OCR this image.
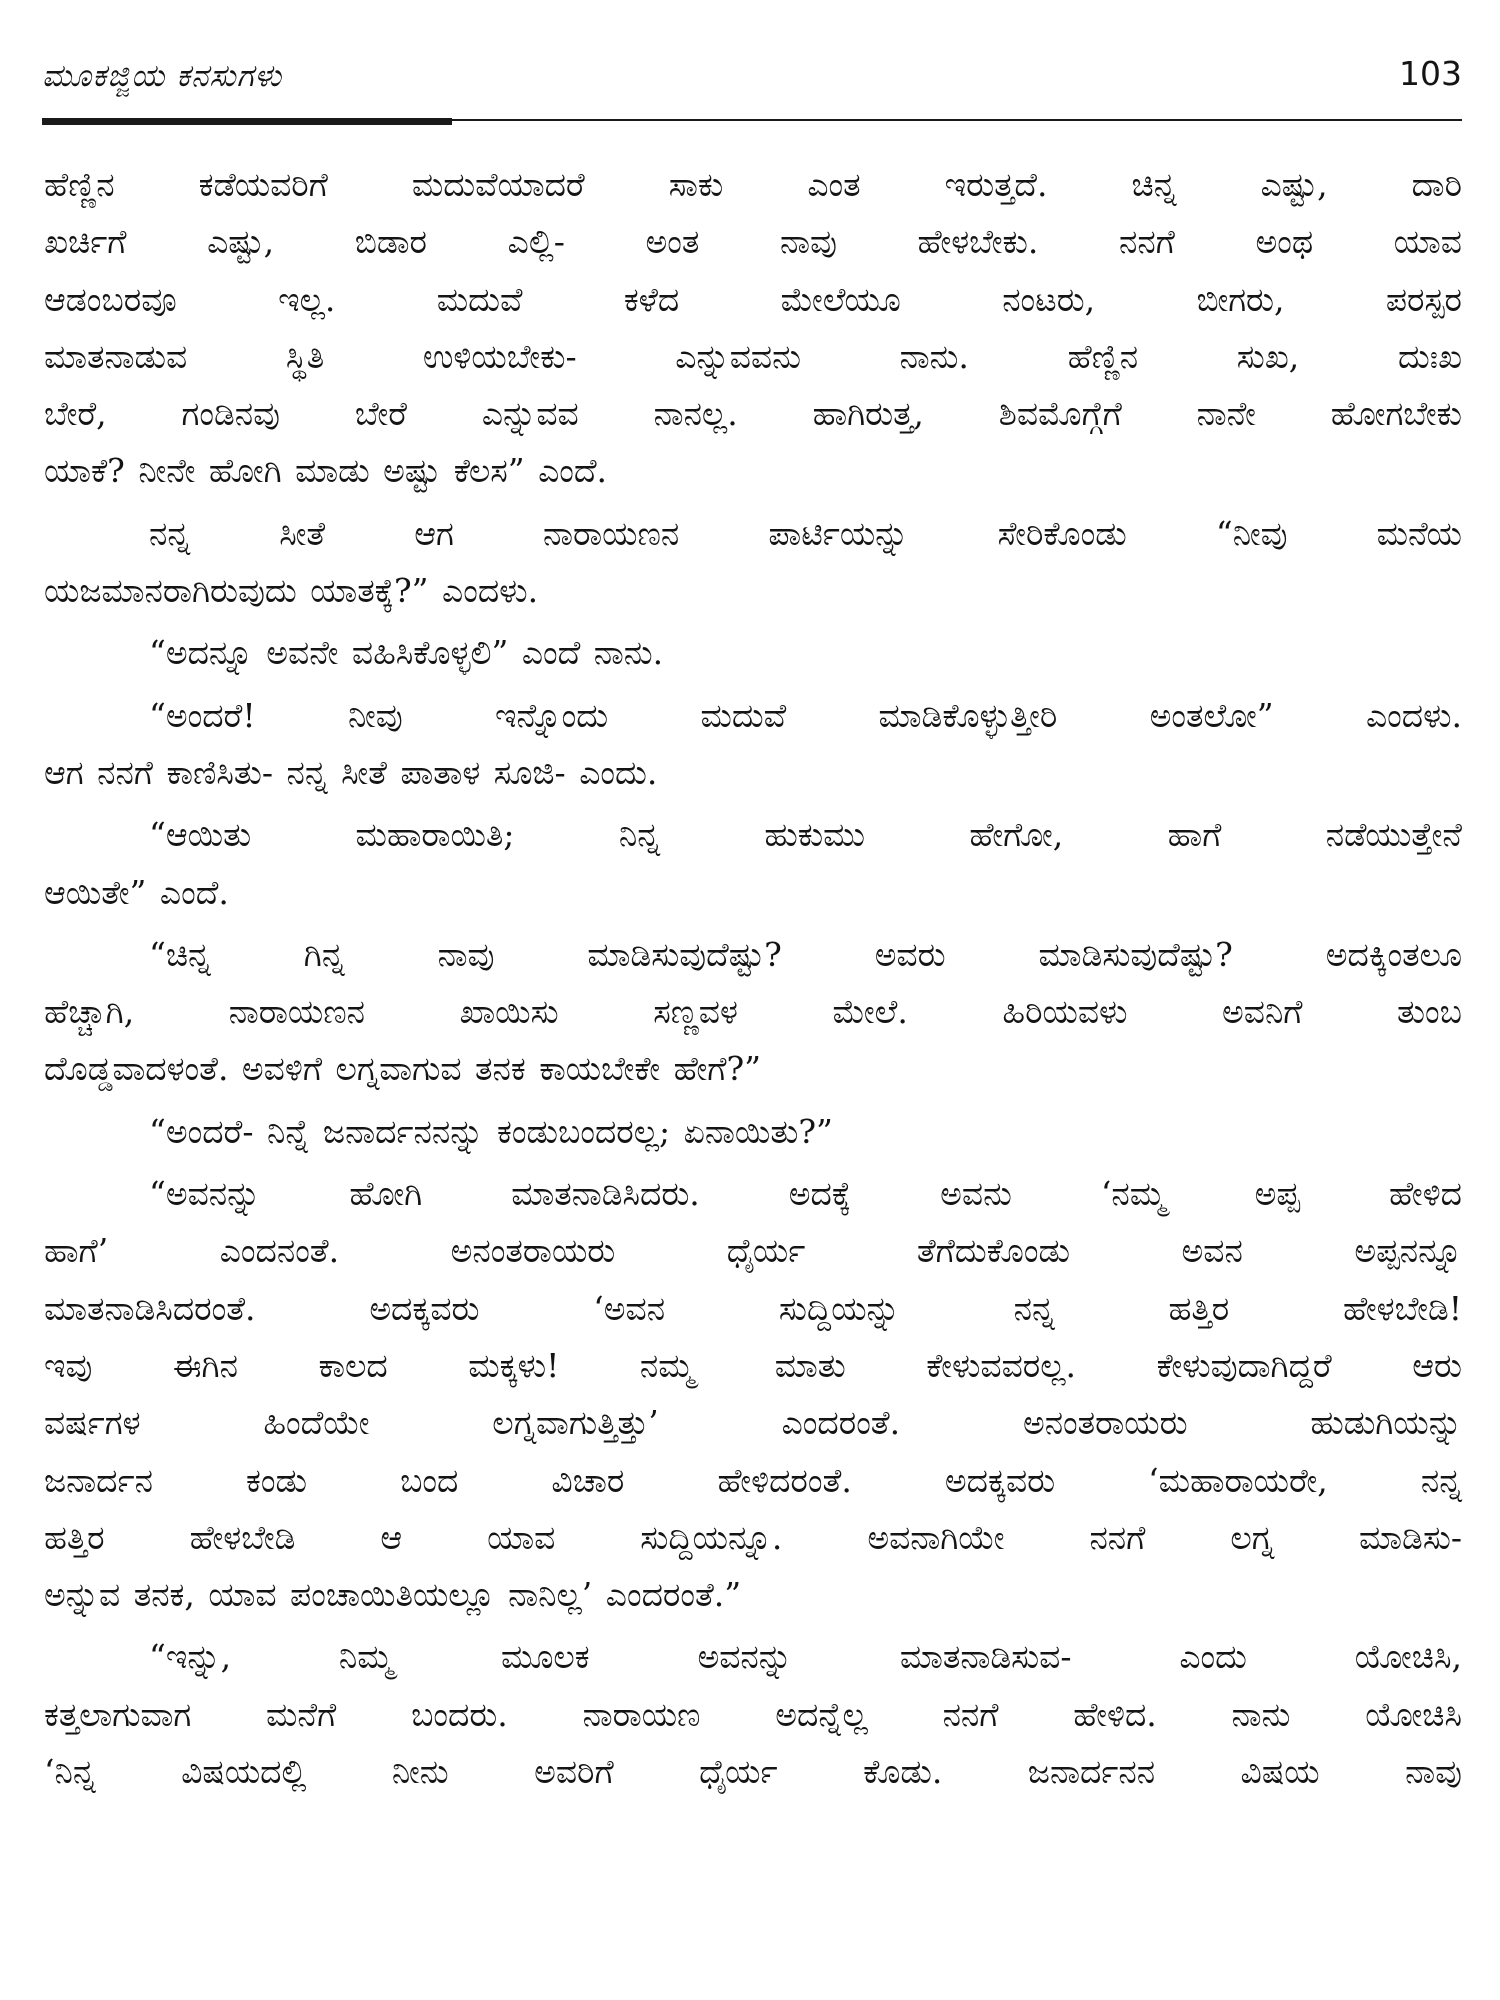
ಮೂಕಜ್ಜಿಯ ಕನಸುಗಳು	103
ಹೆಣ್ಣಿನ ಕಡೆಯವರಿಗೆ ಮದುವೆಯಾದರೆ ಸಾಕು ಎಂತ ಇರುತ್ತದೆ. ಚಿನ್ನ ಎಷ್ಟು, ದಾರಿ
ಖರ್ಚಿಗೆ ಎಷ್ಟು, ಬಿಡಾರ ಎಲ್ಲಿ- ಅಂತ ನಾವು ಹೇಳಬೇಕು. ನನಗೆ ಅಂಥ ಯಾವ
ಆಡಂಬರವೂ ಇಲ್ಲ. ಮದುವೆ ಕಳೆದ ಮೇಲೆಯೂ ನಂಟರು, ಬೀಗರು, ಪರಸ್ಪರ
ಮಾತನಾಡುವ ಸ್ಥಿತಿ ಉಳಿಯಬೇಕು- ಎನ್ನುವವನು ನಾನು. ಹೆಣ್ಣಿನ ಸುಖ, ದುಃಖ
ಬೇರೆ, ಗಂಡಿನವು ಬೇರೆ ಎನ್ನುವವ ನಾನಲ್ಲ. ಹಾಗಿರುತ್ತ, ಶಿವಮೊಗ್ಗೆಗೆ ನಾನೇ ಹೋಗಬೇಕು
ಯಾಕೆ? ನೀನೇ ಹೋಗಿ ಮಾಡು ಅಷ್ಟು ಕೆಲಸ” ಎಂದೆ.
ನನ್ನ ಸೀತೆ ಆಗ ನಾರಾಯಣನ ಪಾರ್ಟಿಯನ್ನು ಸೇರಿಕೊಂಡು “ನೀವು ಮನೆಯ
ಯಜಮಾನರಾಗಿರುವುದು ಯಾತಕ್ಕೆ?” ಎಂದಳು.
“ಅದನ್ನೂ ಅವನೇ ವಹಿಸಿಕೊಳ್ಳಲಿ” ಎಂದೆ ನಾನು.
“ಅಂದರೆ! ನೀವು ಇನ್ನೊಂದು ಮದುವೆ ಮಾಡಿಕೊಳ್ಳುತ್ತೀರಿ ಅಂತಲೋ” ಎಂದಳು.
ಆಗ ನನಗೆ ಕಾಣಿಸಿತು- ನನ್ನ ಸೀತೆ ಪಾತಾಳ ಸೂಜಿ- ಎಂದು.
“ಆಯಿತು ಮಹಾರಾಯಿತಿ; ನಿನ್ನ ಹುಕುಮು ಹೇಗೋ, ಹಾಗೆ ನಡೆಯುತ್ತೇನೆ
ಆಯಿತೇ” ಎಂದೆ.
“ಚಿನ್ನ ಗಿನ್ನ ನಾವು ಮಾಡಿಸುವುದೆಷ್ಟು? ಅವರು ಮಾಡಿಸುವುದೆಷ್ಟು? ಅದಕ್ಕಿಂತಲೂ
ಹೆಚ್ಚಾಗಿ, ನಾರಾಯಣನ ಖಾಯಿಸು ಸಣ್ಣವಳ ಮೇಲೆ. ಹಿರಿಯವಳು ಅವನಿಗೆ ತುಂಬ
ದೊಡ್ಡವಾದಳಂತೆ. ಅವಳಿಗೆ ಲಗ್ನವಾಗುವ ತನಕ ಕಾಯಬೇಕೇ ಹೇಗೆ?”
“ಅಂದರೆ- ನಿನ್ನೆ ಜನಾರ್ದನನನ್ನು ಕಂಡುಬಂದರಲ್ಲ; ಏನಾಯಿತು?”
“ಅವನನ್ನು ಹೋಗಿ ಮಾತನಾಡಿಸಿದರು. ಅದಕ್ಕೆ ಅವನು ‘ನಮ್ಮ ಅಪ್ಪ ಹೇಳಿದ
ಹಾಗೆ’ ಎಂದನಂತೆ. ಅನಂತರಾಯರು ಧೈರ್ಯ ತೆಗೆದುಕೊಂಡು ಅವನ ಅಪ್ಪನನ್ನೂ
ಮಾತನಾಡಿಸಿದರಂತೆ. ಅದಕ್ಕವರು ‘ಅವನ ಸುದ್ದಿಯನ್ನು ನನ್ನ ಹತ್ತಿರ ಹೇಳಬೇಡಿ!
ಇವು ಈಗಿನ ಕಾಲದ ಮಕ್ಕಳು! ನಮ್ಮ ಮಾತು ಕೇಳುವವರಲ್ಲ. ಕೇಳುವುದಾಗಿದ್ದರೆ ಆರು
ವರ್ಷಗಳ ಹಿಂದೆಯೇ ಲಗ್ನವಾಗುತ್ತಿತ್ತು’ ಎಂದರಂತೆ. ಅನಂತರಾಯರು ಹುಡುಗಿಯನ್ನು
ಜನಾರ್ದನ ಕಂಡು ಬಂದ ವಿಚಾರ ಹೇಳಿದರಂತೆ. ಅದಕ್ಕವರು ‘ಮಹಾರಾಯರೇ, ನನ್ನ
ಹತ್ತಿರ ಹೇಳಬೇಡಿ ಆ ಯಾವ ಸುದ್ದಿಯನ್ನೂ. ಅವನಾಗಿಯೇ ನನಗೆ ಲಗ್ನ ಮಾಡಿಸು-
ಅನ್ನುವ ತನಕ, ಯಾವ ಪಂಚಾಯಿತಿಯಲ್ಲೂ ನಾನಿಲ್ಲ’ ಎಂದರಂತೆ.”
“ಇನ್ನು, ನಿಮ್ಮ ಮೂಲಕ ಅವನನ್ನು ಮಾತನಾಡಿಸುವ- ಎಂದು ಯೋಚಿಸಿ,
ಕತ್ತಲಾಗುವಾಗ ಮನೆಗೆ ಬಂದರು. ನಾರಾಯಣ ಅದನ್ನೆಲ್ಲ ನನಗೆ ಹೇಳಿದ. ನಾನು ಯೋಚಿಸಿ
‘ನಿನ್ನ ವಿಷಯದಲ್ಲಿ ನೀನು ಅವರಿಗೆ ಧೈರ್ಯ ಕೊಡು. ಜನಾರ್ದನನ ವಿಷಯ ನಾವು
